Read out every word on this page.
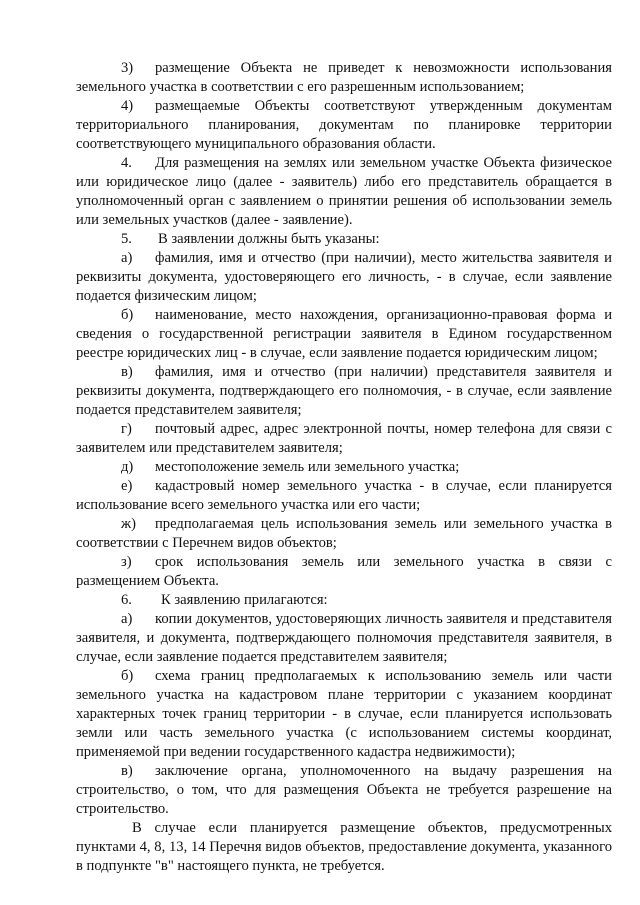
3) размещение Объекта не приведет к невозможности использования земельного участка в соответствии с его разрешенным использованием;

4) размещаемые Объекты соответствуют утвержденным документам территориального планирования, документам по планировке территории соответствующего муниципального образования области.

4. Для размещения на землях или земельном участке Объекта физическое или юридическое лицо (далее - заявитель) либо его представитель обращается в уполномоченный орган с заявлением о принятии решения об использовании земель или земельных участков (далее - заявление).

5. В заявлении должны быть указаны:

а) фамилия, имя и отчество (при наличии), место жительства заявителя и реквизиты документа, удостоверяющего его личность, - в случае, если заявление подается физическим лицом;

б) наименование, место нахождения, организационно-правовая форма и сведения о государственной регистрации заявителя в Едином государственном реестре юридических лиц - в случае, если заявление подается юридическим лицом;

в) фамилия, имя и отчество (при наличии) представителя заявителя и реквизиты документа, подтверждающего его полномочия, - в случае, если заявление подается представителем заявителя;

г) почтовый адрес, адрес электронной почты, номер телефона для связи с заявителем или представителем заявителя;

д) местоположение земель или земельного участка;

е) кадастровый номер земельного участка - в случае, если планируется использование всего земельного участка или его части;

ж) предполагаемая цель использования земель или земельного участка в соответствии с Перечнем видов объектов;

з) срок использования земель или земельного участка в связи с размещением Объекта.

6. К заявлению прилагаются:

а) копии документов, удостоверяющих личность заявителя и представителя заявителя, и документа, подтверждающего полномочия представителя заявителя, в случае, если заявление подается представителем заявителя;

б) схема границ предполагаемых к использованию земель или части земельного участка на кадастровом плане территории с указанием координат характерных точек границ территории - в случае, если планируется использовать земли или часть земельного участка (с использованием системы координат, применяемой при ведении государственного кадастра недвижимости);

в) заключение органа, уполномоченного на выдачу разрешения на строительство, о том, что для размещения Объекта не требуется разрешение на строительство.

В случае если планируется размещение объектов, предусмотренных пунктами 4, 8, 13, 14 Перечня видов объектов, предоставление документа, указанного в подпункте "в" настоящего пункта, не требуется.
